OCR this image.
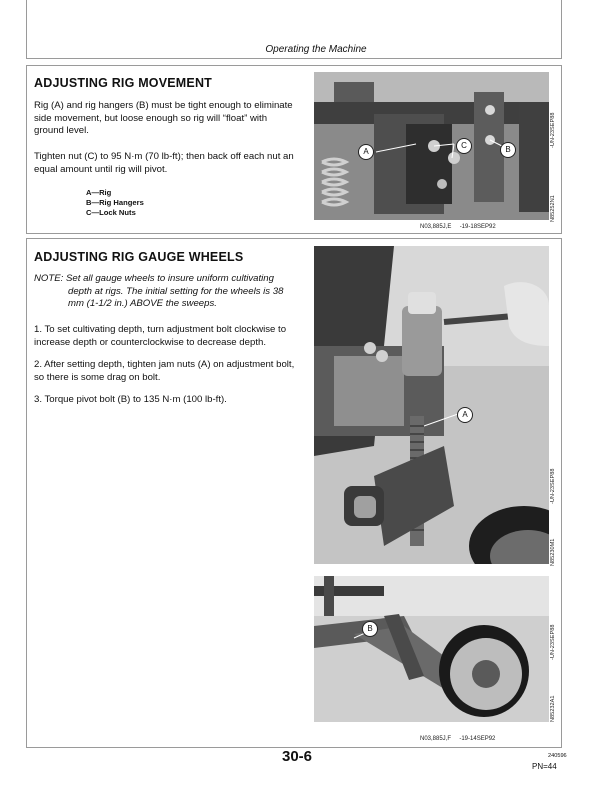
Operating the Machine
ADJUSTING RIG MOVEMENT

Rig (A) and rig hangers (B) must be tight enough to eliminate side movement, but loose enough so rig will “float” with ground level.

Tighten nut (C) to 95 N·m (70 lb-ft); then back off each nut an equal amount until rig will pivot.

A—Rig
B—Rig Hangers
C—Lock Nuts
A
C	B
N85252N1
-UN-23SEP88
N03,885J,E     -19-18SEP92
ADJUSTING RIG GAUGE WHEELS
NOTE: Set all gauge wheels to insure uniform cultivating
depth at rigs. The initial setting for the wheels is 38 mm (1-1/2 in.) ABOVE the sweeps.

1. To set cultivating depth, turn adjustment bolt clockwise to increase depth or counterclockwise to decrease depth.

2. After setting depth, tighten jam nuts (A) on adjustment bolt, so there is some drag on bolt.

3. Torque pivot bolt (B) to 135 N·m (100 lb-ft).

A
N85230M1
-UN-23SEP88
B
N85232A1
-UN-23SEP88
N03,885J,F     -19-14SEP92
30-6	240596
PN=44
